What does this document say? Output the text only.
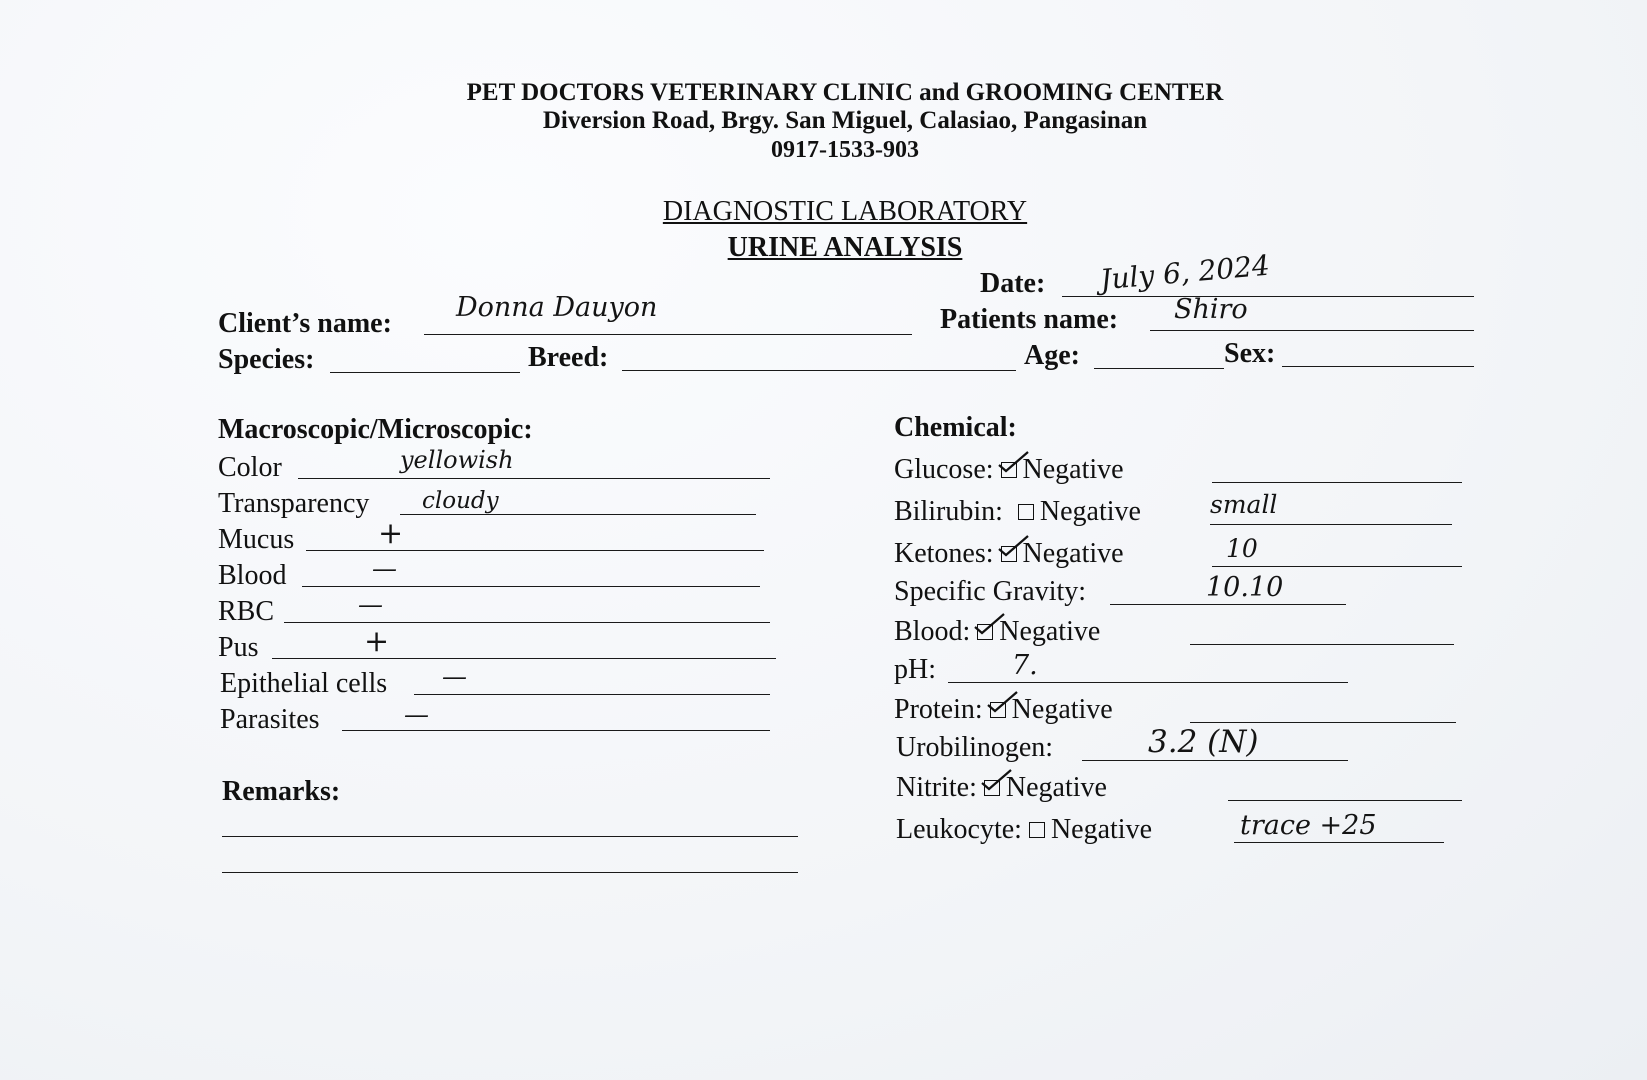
PET DOCTORS VETERINARY CLINIC and GROOMING CENTER
Diversion Road, Brgy. San Miguel, Calasiao, Pangasinan
0917-1533-903
DIAGNOSTIC LABORATORY
URINE ANALYSIS
Date: July 6, 2024
Client’s name:
Donna Dauyon	Patients name: Shiro
Species:	Breed:	Age:	Sex:
Macroscopic/Microscopic:
Color	yellowish
Transparency cloudy
Mucus	+
Blood	—
RBC	—
Pus	+
Epithelial cells —
Parasites	—
Remarks:
Chemical:
Glucose: Negative
Bilirubin: Negative	small
Ketones: Negative	10
Specific Gravity:	10.10
Blood: Negative
pH:	7.
Protein: Negative
Urobilinogen:	3.2 (N)
Nitrite: Negative
Leukocyte: Negative	trace +25
